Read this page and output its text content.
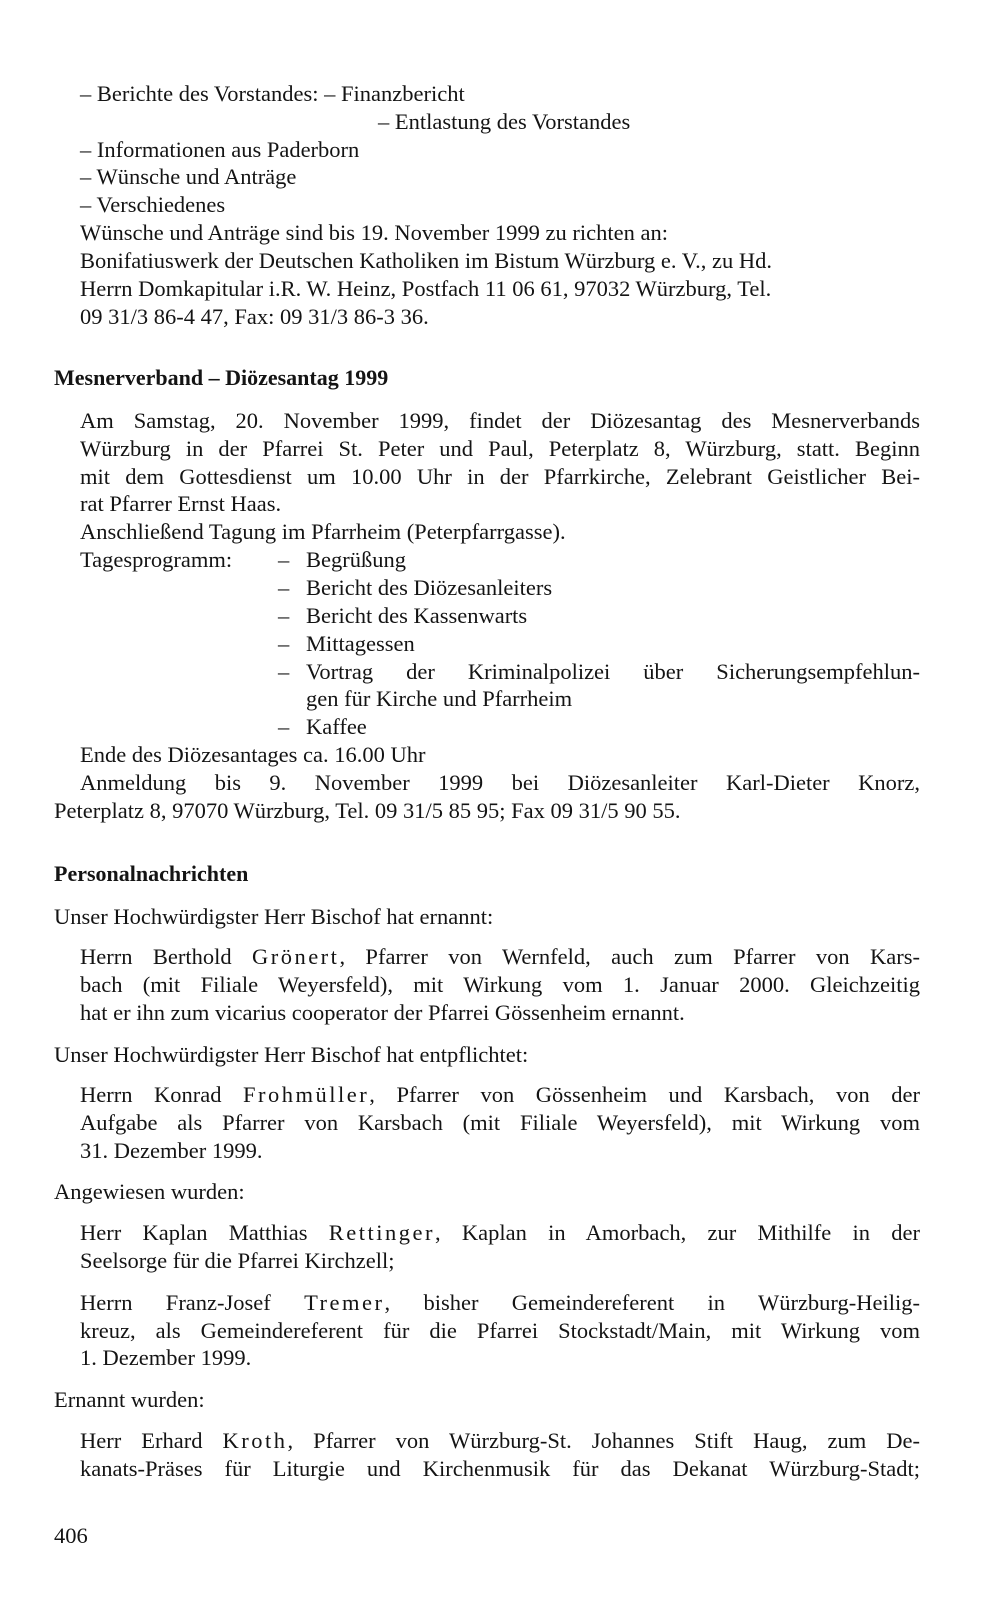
– Berichte des Vorstandes: – Finanzbericht
– Entlastung des Vorstandes
– Informationen aus Paderborn
– Wünsche und Anträge
– Verschiedenes
Wünsche und Anträge sind bis 19. November 1999 zu richten an:
Bonifatiuswerk der Deutschen Katholiken im Bistum Würzburg e. V., zu Hd.
Herrn Domkapitular i.R. W. Heinz, Postfach 11 06 61, 97032 Würzburg, Tel.
09 31/3 86-4 47, Fax: 09 31/3 86-3 36.
Mesnerverband – Diözesantag 1999
Am Samstag, 20. November 1999, findet der Diözesantag des Mesnerverbands
Würzburg in der Pfarrei St. Peter und Paul, Peterplatz 8, Würzburg, statt. Beginn
mit dem Gottesdienst um 10.00 Uhr in der Pfarrkirche, Zelebrant Geistlicher Bei-
rat Pfarrer Ernst Haas.
Anschließend Tagung im Pfarrheim (Peterpfarrgasse).
Tagesprogramm: – Begrüßung
– Bericht des Diözesanleiters
– Bericht des Kassenwarts
– Mittagessen
– Vortrag der Kriminalpolizei über Sicherungsempfehlun-
gen für Kirche und Pfarrheim
– Kaffee
Ende des Diözesantages ca. 16.00 Uhr
Anmeldung bis 9. November 1999 bei Diözesanleiter Karl-Dieter Knorz,
Peterplatz 8, 97070 Würzburg, Tel. 09 31/5 85 95; Fax 09 31/5 90 55.
Personalnachrichten
Unser Hochwürdigster Herr Bischof hat ernannt:
Herrn Berthold Grönert, Pfarrer von Wernfeld, auch zum Pfarrer von Kars-
bach (mit Filiale Weyersfeld), mit Wirkung vom 1. Januar 2000. Gleichzeitig
hat er ihn zum vicarius cooperator der Pfarrei Gössenheim ernannt.
Unser Hochwürdigster Herr Bischof hat entpflichtet:
Herrn Konrad Frohmüller, Pfarrer von Gössenheim und Karsbach, von der
Aufgabe als Pfarrer von Karsbach (mit Filiale Weyersfeld), mit Wirkung vom
31. Dezember 1999.
Angewiesen wurden:
Herr Kaplan Matthias Rettinger, Kaplan in Amorbach, zur Mithilfe in der
Seelsorge für die Pfarrei Kirchzell;
Herrn Franz-Josef Tremer, bisher Gemeindereferent in Würzburg-Heilig-
kreuz, als Gemeindereferent für die Pfarrei Stockstadt/Main, mit Wirkung vom
1. Dezember 1999.
Ernannt wurden:
Herr Erhard Kroth, Pfarrer von Würzburg-St. Johannes Stift Haug, zum De-
kanats-Präses für Liturgie und Kirchenmusik für das Dekanat Würzburg-Stadt;
406
